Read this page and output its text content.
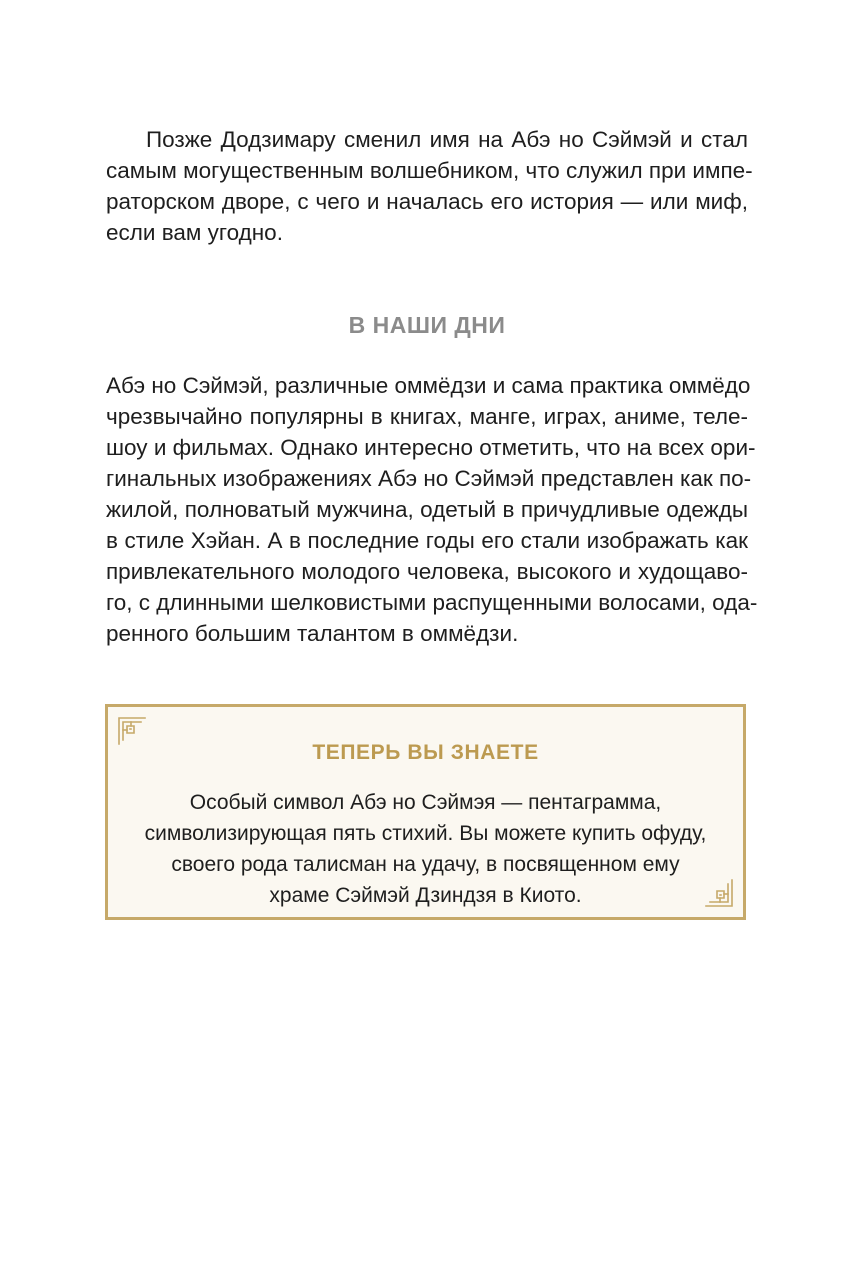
Позже Додзимару сменил имя на Абэ но Сэймэй и стал
самым могущественным волшебником, что служил при импе-
раторском дворе, с чего и началась его история — или миф,
если вам угодно.
В НАШИ ДНИ
Абэ но Сэймэй, различные оммёдзи и сама практика оммёдо
чрезвычайно популярны в книгах, манге, играх, аниме, теле-
шоу и фильмах. Однако интересно отметить, что на всех ори-
гинальных изображениях Абэ но Сэймэй представлен как по-
жилой, полноватый мужчина, одетый в причудливые одежды
в стиле Хэйан. А в последние годы его стали изображать как
привлекательного молодого человека, высокого и худощаво-
го, с длинными шелковистыми распущенными волосами, ода-
ренного большим талантом в оммёдзи.
ТЕПЕРЬ ВЫ ЗНАЕТЕ
Особый символ Абэ но Сэймэя — пентаграмма,
символизирующая пять стихий. Вы можете купить офуду,
своего рода талисман на удачу, в посвященном ему
храме Сэймэй Дзиндзя в Киото.
